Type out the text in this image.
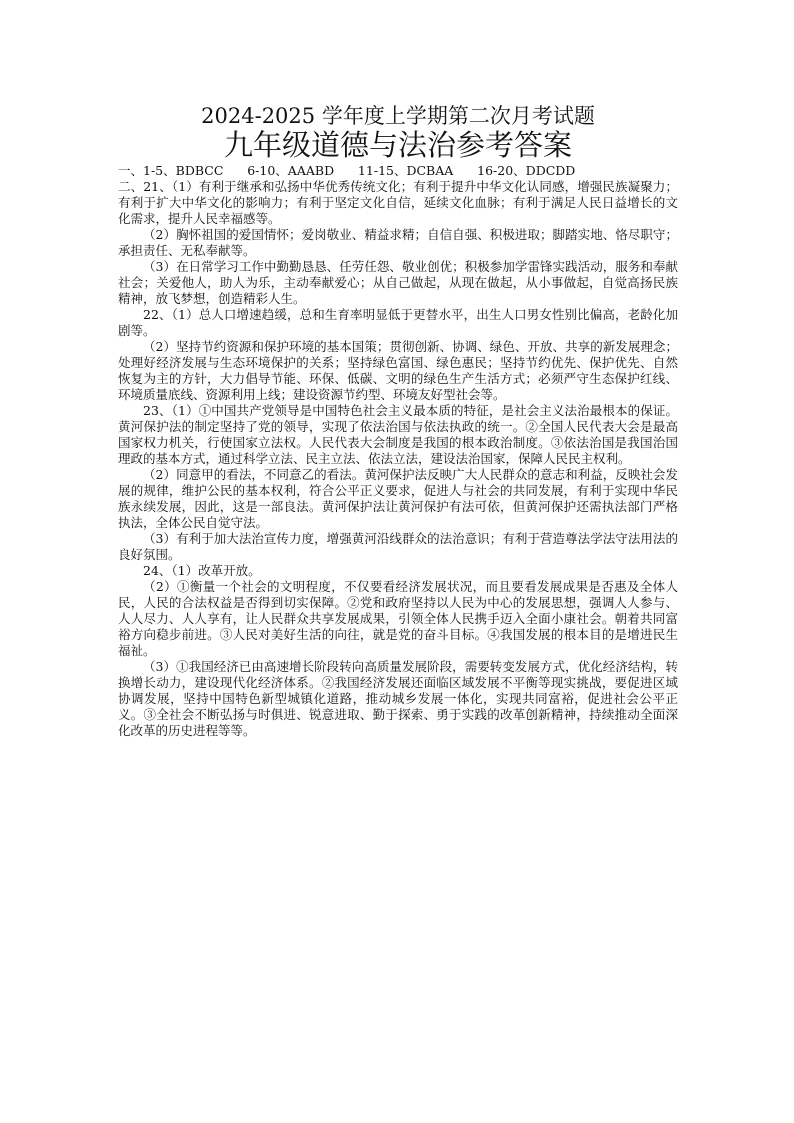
2024-2025 学年度上学期第二次月考试题
九年级道德与法治参考答案

一、1-5、BDBCC      6-10、AAABD      11-15、DCBAA      16-20、DDCDD

二、21、（1）有利于继承和弘扬中华优秀传统文化；有利于提升中华文化认同感，增强民族凝聚力；有利于扩大中华文化的影响力；有利于坚定文化自信，延续文化血脉；有利于满足人民日益增长的文化需求，提升人民幸福感等。

（2）胸怀祖国的爱国情怀；爱岗敬业、精益求精；自信自强、积极进取；脚踏实地、恪尽职守；承担责任、无私奉献等。

（3）在日常学习工作中勤勤恳恳、任劳任怨、敬业创优；积极参加学雷锋实践活动，服务和奉献社会；关爱他人，助人为乐，主动奉献爱心；从自己做起，从现在做起，从小事做起，自觉高扬民族精神，放飞梦想，创造精彩人生。

22、（1）总人口增速趋缓，总和生育率明显低于更替水平，出生人口男女性别比偏高，老龄化加剧等。

（2）坚持节约资源和保护环境的基本国策；贯彻创新、协调、绿色、开放、共享的新发展理念；处理好经济发展与生态环境保护的关系；坚持绿色富国、绿色惠民；坚持节约优先、保护优先、自然恢复为主的方针，大力倡导节能、环保、低碳、文明的绿色生产生活方式；必须严守生态保护红线、环境质量底线、资源利用上线；建设资源节约型、环境友好型社会等。

23、（1）①中国共产党领导是中国特色社会主义最本质的特征，是社会主义法治最根本的保证。黄河保护法的制定坚持了党的领导，实现了依法治国与依法执政的统一。②全国人民代表大会是最高国家权力机关，行使国家立法权。人民代表大会制度是我国的根本政治制度。③依法治国是我国治国理政的基本方式，通过科学立法、民主立法、依法立法，建设法治国家，保障人民民主权利。

（2）同意甲的看法，不同意乙的看法。黄河保护法反映广大人民群众的意志和利益，反映社会发展的规律，维护公民的基本权利，符合公平正义要求，促进人与社会的共同发展，有利于实现中华民族永续发展，因此，这是一部良法。黄河保护法让黄河保护有法可依，但黄河保护还需执法部门严格执法，全体公民自觉守法。

（3）有利于加大法治宣传力度，增强黄河沿线群众的法治意识；有利于营造尊法学法守法用法的良好氛围。

24、（1）改革开放。

（2）①衡量一个社会的文明程度，不仅要看经济发展状况，而且要看发展成果是否惠及全体人民，人民的合法权益是否得到切实保障。②党和政府坚持以人民为中心的发展思想，强调人人参与、人人尽力、人人享有，让人民群众共享发展成果，引领全体人民携手迈入全面小康社会。朝着共同富裕方向稳步前进。③人民对美好生活的向往，就是党的奋斗目标。④我国发展的根本目的是增进民生福祉。

（3）①我国经济已由高速增长阶段转向高质量发展阶段，需要转变发展方式，优化经济结构，转换增长动力，建设现代化经济体系。②我国经济发展还面临区域发展不平衡等现实挑战，要促进区域协调发展，坚持中国特色新型城镇化道路，推动城乡发展一体化，实现共同富裕，促进社会公平正义。③全社会不断弘扬与时俱进、锐意进取、勤于探索、勇于实践的改革创新精神，持续推动全面深化改革的历史进程等等。
